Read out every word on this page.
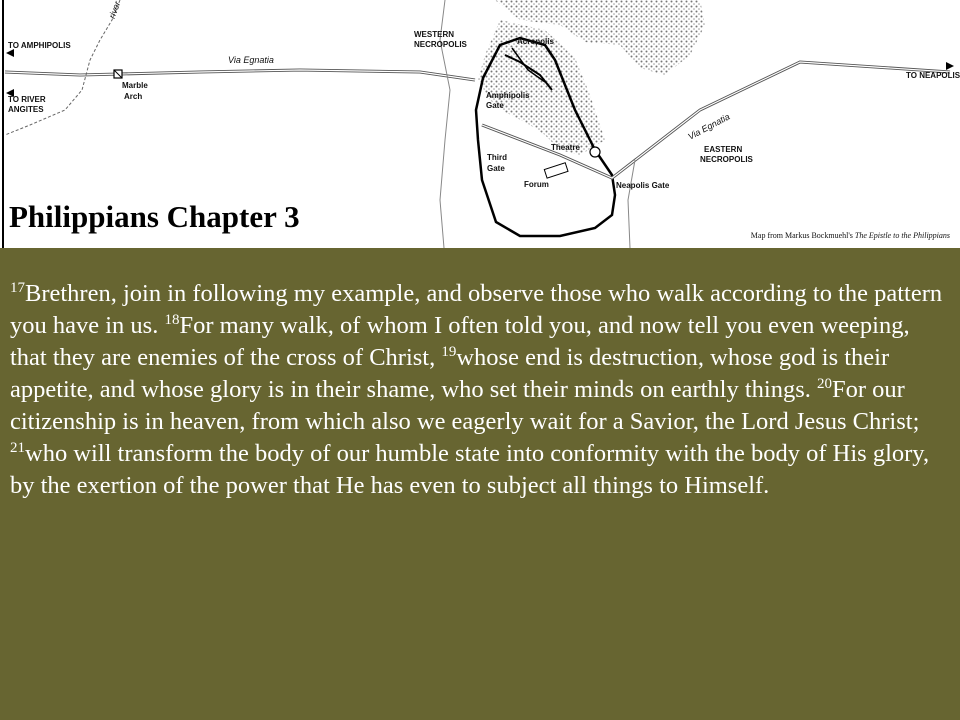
TO AMPHIPOLIS
TO RIVER
ANGITES
river
Marble
Arch
Via Egnatia
WESTERN
NECROPOLIS	Acropolis
Amphipolis
Gate
Theatre
Third
Gate
Forum	Neapolis Gate
Via Egnatia
EASTERN
NECROPOLIS
TO NEAPOLIS
Philippians Chapter 3
Map from Markus Bockmuehl's The Epistle to the Philippians
$^{17}$Brethren, join in following my example, and observe those who walk according to the pattern you have in us. $^{18}$For many walk, of whom I often told you, and now tell you even weeping, that they are enemies of the cross of Christ, $^{19}$whose end is destruction, whose god is their appetite, and whose glory is in their shame, who set their minds on earthly things. $^{20}$For our citizenship is in heaven, from which also we eagerly wait for a Savior, the Lord Jesus Christ; $^{21}$who will transform the body of our humble state into conformity with the body of His glory, by the exertion of the power that He has even to subject all things to Himself.
